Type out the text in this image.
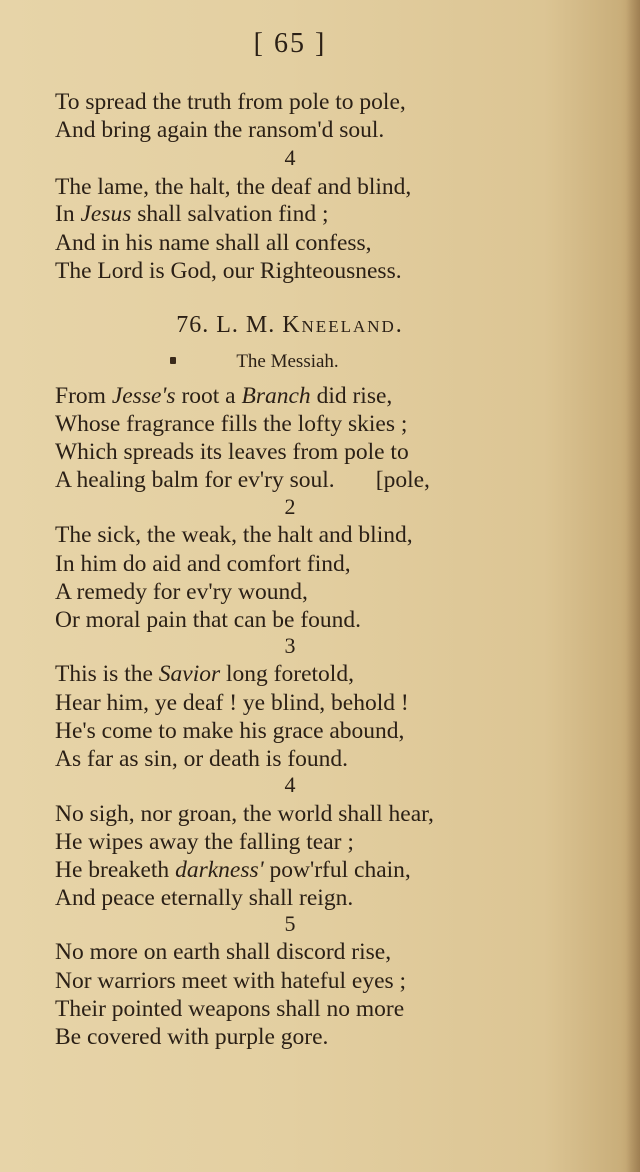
[ 65 ]
To spread the truth from pole to pole,
And bring again the ransom'd soul.
4
The lame, the halt, the deaf and blind,
In Jesus shall salvation find ;
And in his name shall all confess,
The Lord is God, our Righteousness.
76. L. M. Kneeland.
The Messiah.
From Jesse's root a Branch did rise,
Whose fragrance fills the lofty skies ;
Which spreads its leaves from pole to
A healing balm for ev'ry soul.       [pole,
2
The sick, the weak, the halt and blind,
In him do aid and comfort find,
A remedy for ev'ry wound,
Or moral pain that can be found.
3
This is the Savior long foretold,
Hear him, ye deaf ! ye blind, behold !
He's come to make his grace abound,
As far as sin, or death is found.
4
No sigh, nor groan, the world shall hear,
He wipes away the falling tear ;
He breaketh darkness' pow'rful chain,
And peace eternally shall reign.
5
No more on earth shall discord rise,
Nor warriors meet with hateful eyes ;
Their pointed weapons shall no more
Be covered with purple gore.
